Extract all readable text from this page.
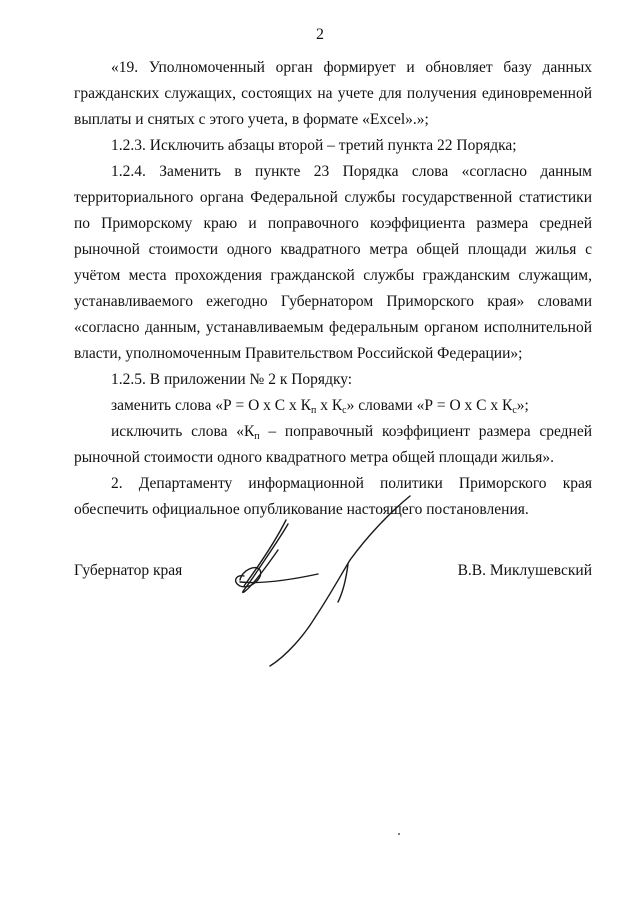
2

«19. Уполномоченный орган формирует и обновляет базу данных гражданских служащих, состоящих на учете для получения единовременной выплаты и снятых с этого учета, в формате «Excel».»;

1.2.3. Исключить абзацы второй – третий пункта 22 Порядка;

1.2.4. Заменить в пункте 23 Порядка слова «согласно данным территориального органа Федеральной службы государственной статистики по Приморскому краю и поправочного коэффициента размера средней рыночной стоимости одного квадратного метра общей площади жилья с учётом места прохождения гражданской службы гражданским служащим, устанавливаемого ежегодно Губернатором Приморского края» словами «согласно данным, устанавливаемым федеральным органом исполнительной власти, уполномоченным Правительством Российской Федерации»;

1.2.5. В приложении № 2 к Порядку:

заменить слова «Р = О х С х $К_п$ х $К_с$» словами «Р = О х С х $К_с$»;

исключить слова «$К_п$ – поправочный коэффициент размера средней рыночной стоимости одного квадратного метра общей площади жилья».

2. Департаменту информационной политики Приморского края обеспечить официальное опубликование настоящего постановления.

Губернатор края	В.В. Миклушевский
